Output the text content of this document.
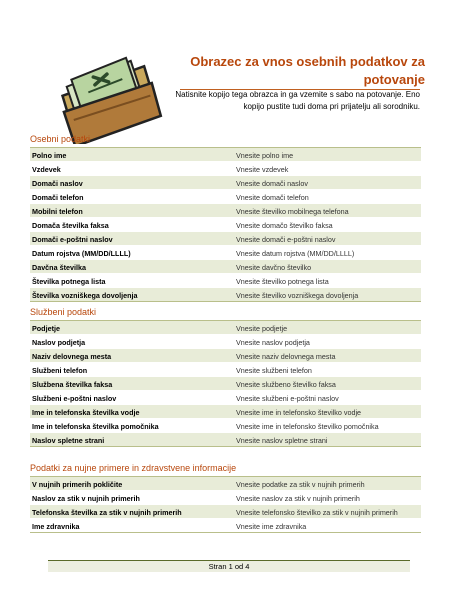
Obrazec za vnos osebnih podatkov za potovanje
Natisnite kopijo tega obrazca in ga vzemite s sabo na potovanje. Eno kopijo pustite tudi doma pri prijatelju ali sorodniku.
Osebni podatki
Polno ime	Vnesite polno ime
Vzdevek	Vnesite vzdevek
Domači naslov	Vnesite domači naslov
Domači telefon	Vnesite domači telefon
Mobilni telefon	Vnesite številko mobilnega telefona
Domača številka faksa	Vnesite domačo številko faksa
Domači e-poštni naslov	Vnesite domači e-poštni naslov
Datum rojstva (MM/DD/LLLL)	Vnesite datum rojstva (MM/DD/LLLL)
Davčna številka	Vnesite davčno številko
Številka potnega lista	Vnesite številko potnega lista
Številka vozniškega dovoljenja	Vnesite številko vozniškega dovoljenja
Službeni podatki
Podjetje	Vnesite podjetje
Naslov podjetja	Vnesite naslov podjetja
Naziv delovnega mesta	Vnesite naziv delovnega mesta
Službeni telefon	Vnesite službeni telefon
Službena številka faksa	Vnesite službeno številko faksa
Službeni e-poštni naslov	Vnesite službeni e-poštni naslov
Ime in telefonska številka vodje	Vnesite ime in telefonsko številko vodje
Ime in telefonska številka pomočnika	Vnesite ime in telefonsko številko pomočnika
Naslov spletne strani	Vnesite naslov spletne strani
Podatki za nujne primere in zdravstvene informacije
V nujnih primerih pokličite	Vnesite podatke za stik v nujnih primerih
Naslov za stik v nujnih primerih	Vnesite naslov za stik v nujnih primerih
Telefonska številka za stik v nujnih primerih	Vnesite telefonsko številko za stik v nujnih primerih
Ime zdravnika	Vnesite ime zdravnika
Stran 1 od 4
